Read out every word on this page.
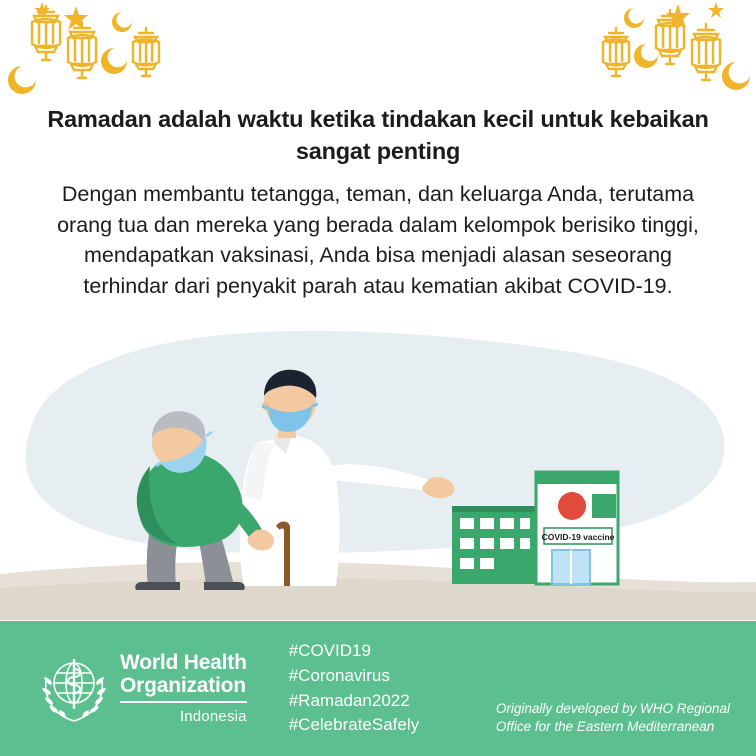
Ramadan adalah waktu ketika tindakan kecil untuk kebaikan sangat penting
Dengan membantu tetangga, teman, dan keluarga Anda, terutama orang tua dan mereka yang berada dalam kelompok berisiko tinggi, mendapatkan vaksinasi, Anda bisa menjadi alasan seseorang terhindar dari penyakit parah atau kematian akibat COVID-19.
COVID-19 vaccine
World Health
Organization
Indonesia
#COVID19
#Coronavirus
#Ramadan2022
#CelebrateSafely
Originally developed by WHO Regional
Office for the Eastern Mediterranean
